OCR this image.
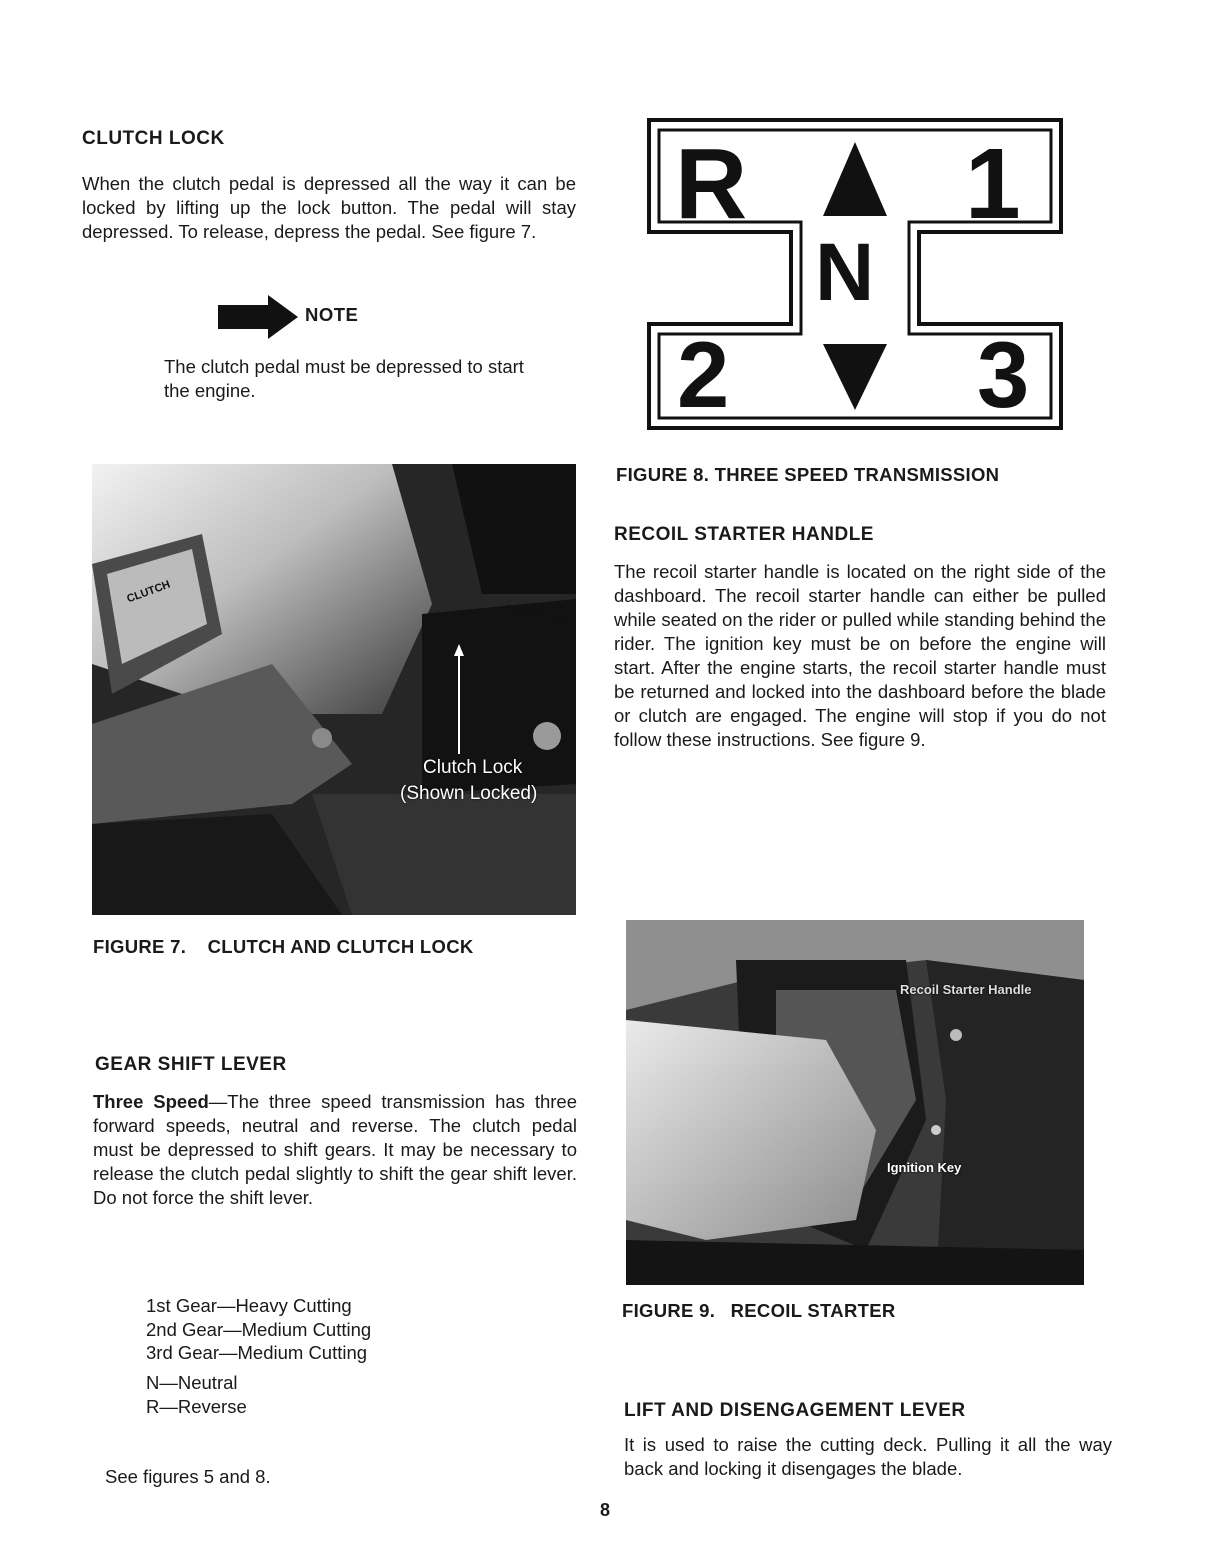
CLUTCH LOCK
When the clutch pedal is depressed all the way it can be locked by lifting up the lock button. The pedal will stay depressed. To release, depress the pedal. See figure 7.
NOTE
The clutch pedal must be depressed to start the engine.
CLUTCH
CLUTCH LOCK
Clutch Lock
(Shown Locked)
FIGURE 7. CLUTCH AND CLUTCH LOCK
GEAR SHIFT LEVER
Three Speed—The three speed transmission has three forward speeds, neutral and reverse. The clutch pedal must be depressed to shift gears. It may be necessary to release the clutch pedal slightly to shift the gear shift lever. Do not force the shift lever.
1st Gear—Heavy Cutting
2nd Gear—Medium Cutting
3rd Gear—Medium Cutting
N—Neutral
R—Reverse
See figures 5 and 8.
R 1
N
2	3
FIGURE 8. THREE SPEED TRANSMISSION
RECOIL STARTER HANDLE
The recoil starter handle is located on the right side of the dashboard. The recoil starter handle can either be pulled while seated on the rider or pulled while standing behind the rider. The ignition key must be on before the engine will start. After the engine starts, the recoil starter handle must be returned and locked into the dashboard before the blade or clutch are engaged. The engine will stop if you do not follow these instructions. See figure 9.
Recoil Starter Handle
Ignition Key
FIGURE 9. RECOIL STARTER
LIFT AND DISENGAGEMENT LEVER
It is used to raise the cutting deck. Pulling it all the way back and locking it disengages the blade.
8
